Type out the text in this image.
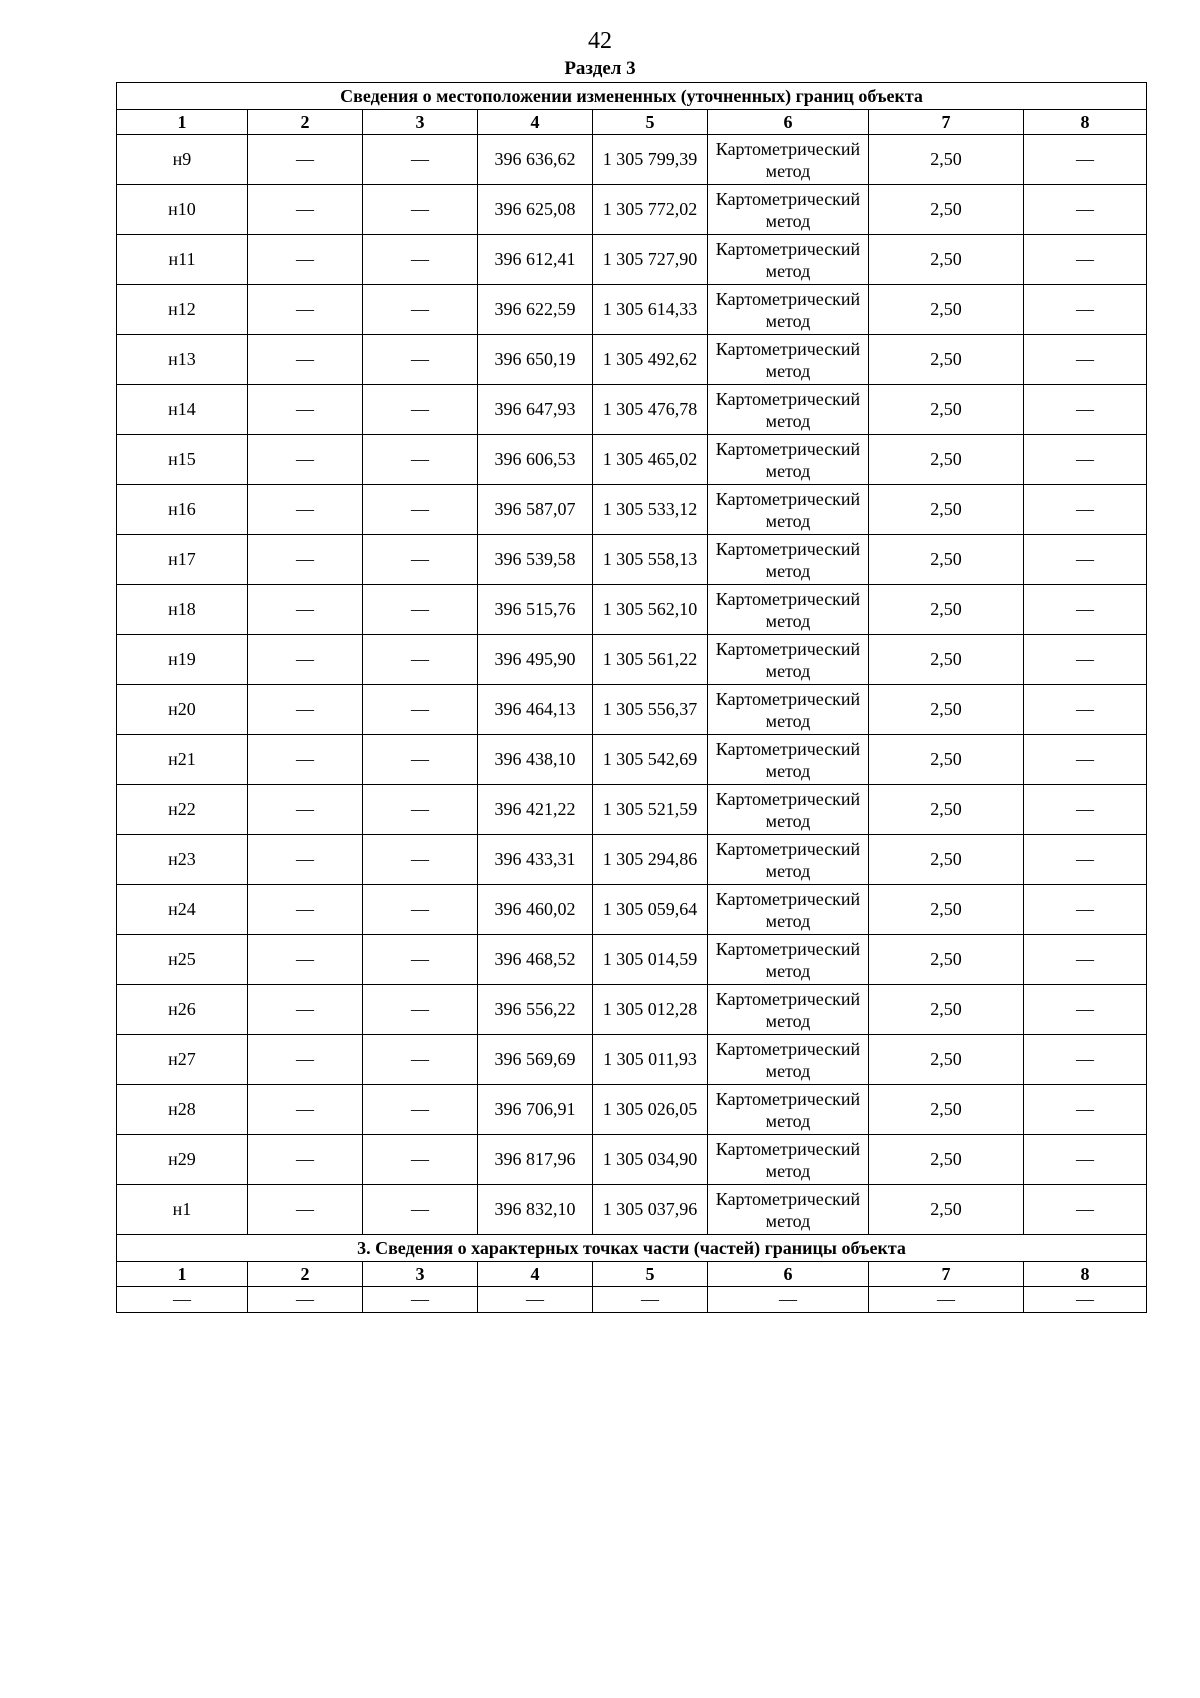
42
Раздел 3
Сведения о местоположении измененных (уточненных) границ объекта							
1	2	3	4	5	6	7	8
н9	—	—	396 636,62	1 305 799,39	Картометрический метод	2,50	—
н10	—	—	396 625,08	1 305 772,02	Картометрический метод	2,50	—
н11	—	—	396 612,41	1 305 727,90	Картометрический метод	2,50	—
н12	—	—	396 622,59	1 305 614,33	Картометрический метод	2,50	—
н13	—	—	396 650,19	1 305 492,62	Картометрический метод	2,50	—
н14	—	—	396 647,93	1 305 476,78	Картометрический метод	2,50	—
н15	—	—	396 606,53	1 305 465,02	Картометрический метод	2,50	—
н16	—	—	396 587,07	1 305 533,12	Картометрический метод	2,50	—
н17	—	—	396 539,58	1 305 558,13	Картометрический метод	2,50	—
н18	—	—	396 515,76	1 305 562,10	Картометрический метод	2,50	—
н19	—	—	396 495,90	1 305 561,22	Картометрический метод	2,50	—
н20	—	—	396 464,13	1 305 556,37	Картометрический метод	2,50	—
н21	—	—	396 438,10	1 305 542,69	Картометрический метод	2,50	—
н22	—	—	396 421,22	1 305 521,59	Картометрический метод	2,50	—
н23	—	—	396 433,31	1 305 294,86	Картометрический метод	2,50	—
н24	—	—	396 460,02	1 305 059,64	Картометрический метод	2,50	—
н25	—	—	396 468,52	1 305 014,59	Картометрический метод	2,50	—
н26	—	—	396 556,22	1 305 012,28	Картометрический метод	2,50	—
н27	—	—	396 569,69	1 305 011,93	Картометрический метод	2,50	—
н28	—	—	396 706,91	1 305 026,05	Картометрический метод	2,50	—
н29	—	—	396 817,96	1 305 034,90	Картометрический метод	2,50	—
н1	—	—	396 832,10	1 305 037,96	Картометрический метод	2,50	—
3. Сведения о характерных точках части (частей) границы объекта							
1	2	3	4	5	6	7	8
—	—	—	—	—	—	—	—
